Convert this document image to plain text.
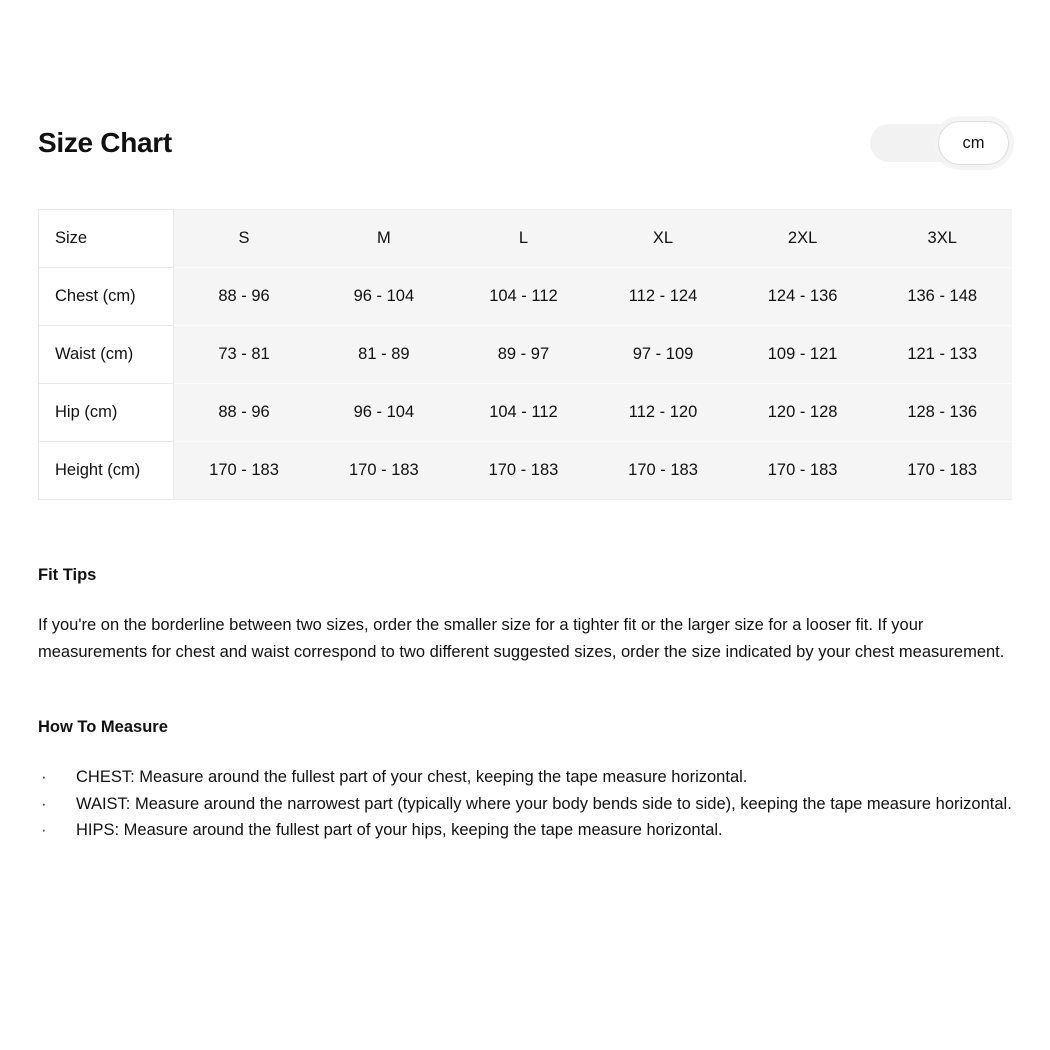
Size Chart	cm
Size	S	M	L	XL	2XL	3XL
Chest (cm)	88 - 96	96 - 104	104 - 112	112 - 124	124 - 136	136 - 148
Waist (cm)	73 - 81	81 - 89	89 - 97	97 - 109	109 - 121	121 - 133
Hip (cm)	88 - 96	96 - 104	104 - 112	112 - 120	120 - 128	128 - 136
Height (cm)	170 - 183	170 - 183	170 - 183	170 - 183	170 - 183	170 - 183
Fit Tips

If you're on the borderline between two sizes, order the smaller size for a tighter fit or the larger size for a looser fit. If your measurements for chest and waist correspond to two different suggested sizes, order the size indicated by your chest measurement.

How To Measure
· CHEST: Measure around the fullest part of your chest, keeping the tape measure horizontal.
· WAIST: Measure around the narrowest part (typically where your body bends side to side), keeping the tape measure horizontal.
· HIPS: Measure around the fullest part of your hips, keeping the tape measure horizontal.
